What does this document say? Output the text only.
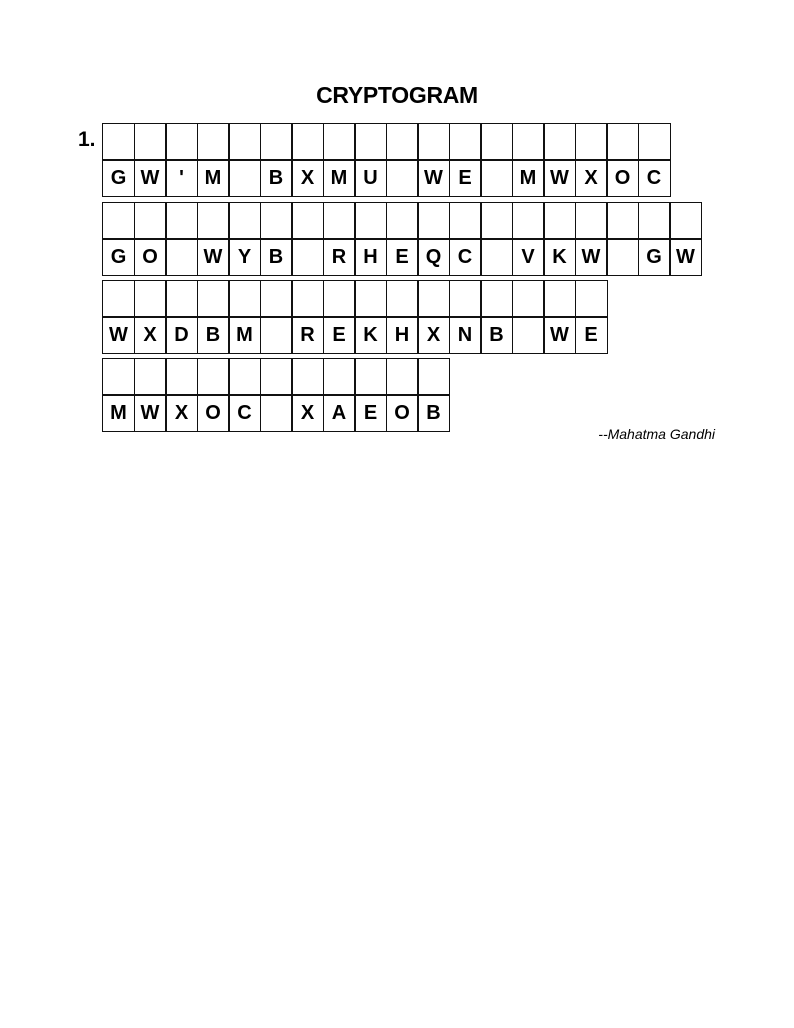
CRYPTOGRAM
1.
G W '	M	B X M U	W E	M W X O C
G O	W Y B	R H E Q C	V K W	G W
W X D B M	R E K H X N B	W E
M W X O C	X A E O B
--Mahatma Gandhi
